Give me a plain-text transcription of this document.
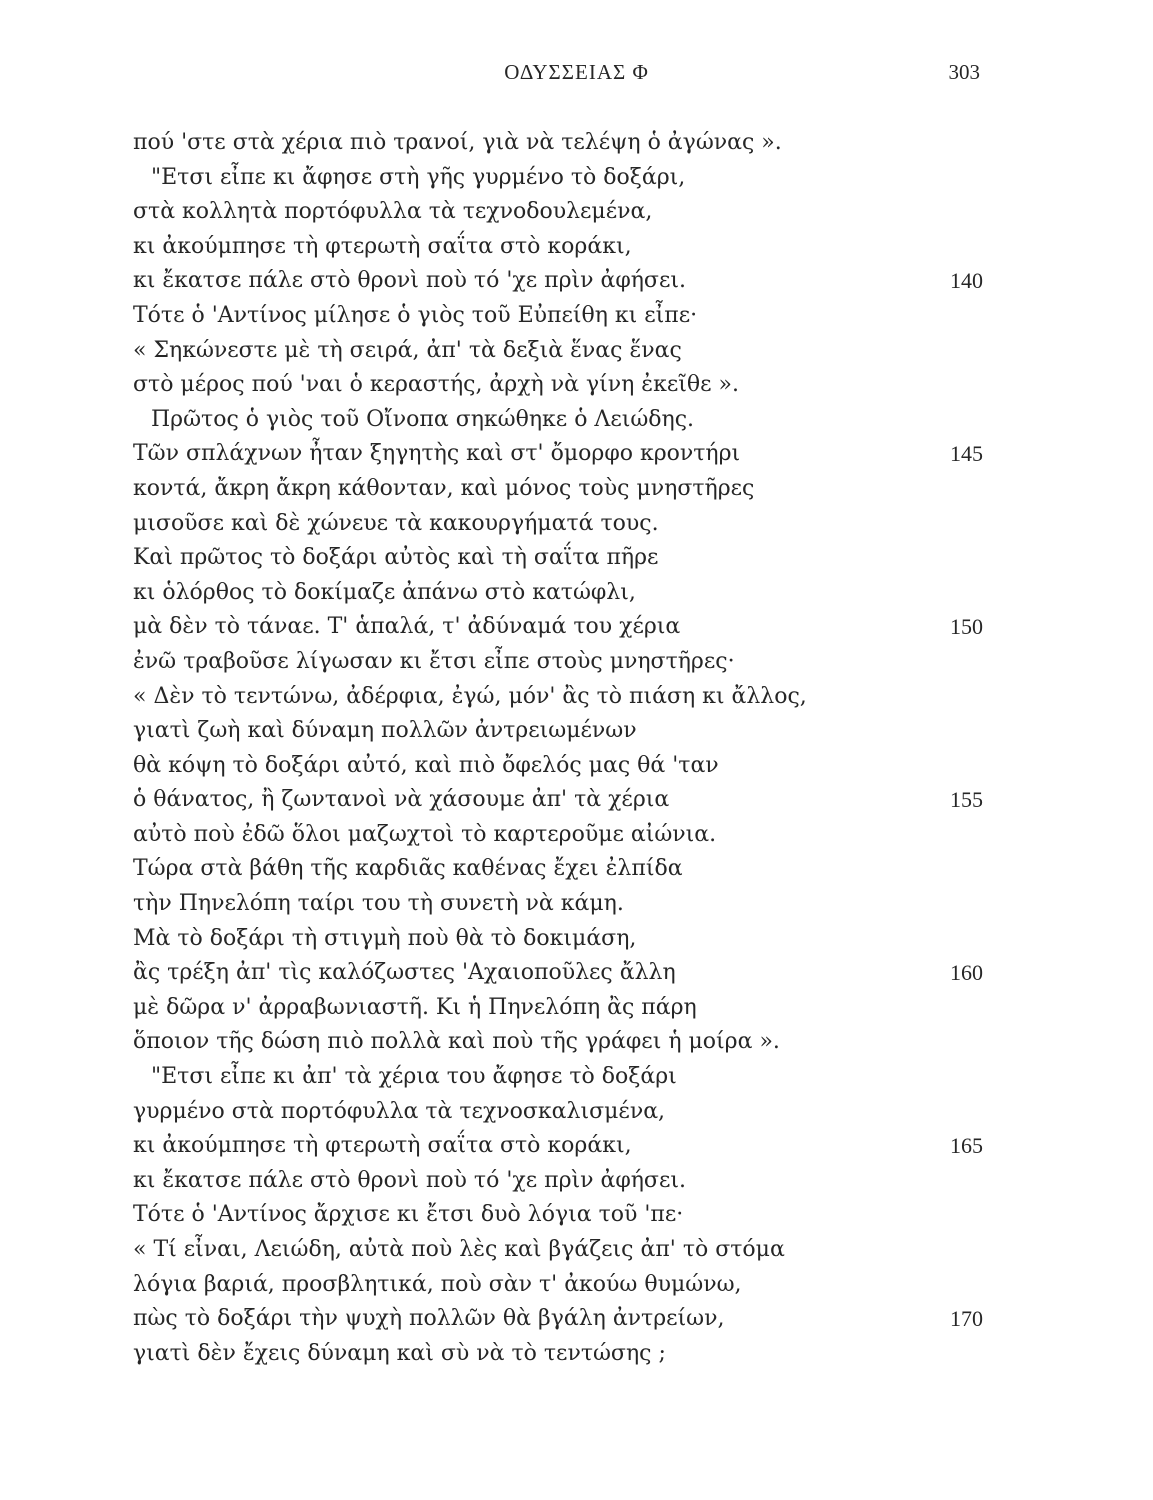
ΟΔΥΣΣΕΙΑΣ Φ	303
πού 'στε στὰ χέρια πιὸ τρανοί, γιὰ νὰ τελέψη ὁ ἀγώνας ».
"Ετσι εἶπε κι ἄφησε στὴ γῆς γυρμένο τὸ δοξάρι,
στὰ κολλητὰ πορτόφυλλα τὰ τεχνοδουλεμένα,
κι ἀκούμπησε τὴ φτερωτὴ σαΐτα στὸ κοράκι,
κι ἔκατσε πάλε στὸ θρονὶ ποὺ τό 'χε πρὶν ἀφήσει.	140
Τότε ὁ 'Αντίνος μίλησε ὁ γιὸς τοῦ Εὐπείθη κι εἶπε·
« Σηκώνεστε μὲ τὴ σειρά, ἀπ' τὰ δεξιὰ ἕνας ἕνας
στὸ μέρος πού 'ναι ὁ κεραστής, ἀρχὴ νὰ γίνη ἐκεῖθε ».
Πρῶτος ὁ γιὸς τοῦ Οἴνοπα σηκώθηκε ὁ Λειώδης.
Τῶν σπλάχνων ἦταν ξηγητὴς καὶ στ' ὄμορφο κροντήρι	145
κοντά, ἄκρη ἄκρη κάθονταν, καὶ μόνος τοὺς μνηστῆρες
μισοῦσε καὶ δὲ χώνευε τὰ κακουργήματά τους.
Καὶ πρῶτος τὸ δοξάρι αὐτὸς καὶ τὴ σαΐτα πῆρε
κι ὁλόρθος τὸ δοκίμαζε ἀπάνω στὸ κατώφλι,
μὰ δὲν τὸ τάναε. Τ' ἁπαλά, τ' ἀδύναμά του χέρια	150
ἐνῶ τραβοῦσε λίγωσαν κι ἔτσι εἶπε στοὺς μνηστῆρες·
« Δὲν τὸ τεντώνω, ἀδέρφια, ἐγώ, μόν' ἂς τὸ πιάση κι ἄλλος,
γιατὶ ζωὴ καὶ δύναμη πολλῶν ἀντρειωμένων
θὰ κόψη τὸ δοξάρι αὐτό, καὶ πιὸ ὄφελός μας θά 'ταν
ὁ θάνατος, ἢ ζωντανοὶ νὰ χάσουμε ἀπ' τὰ χέρια	155
αὐτὸ ποὺ ἐδῶ ὅλοι μαζωχτοὶ τὸ καρτεροῦμε αἰώνια.
Τώρα στὰ βάθη τῆς καρδιᾶς καθένας ἔχει ἐλπίδα
τὴν Πηνελόπη ταίρι του τὴ συνετὴ νὰ κάμη.
Μὰ τὸ δοξάρι τὴ στιγμὴ ποὺ θὰ τὸ δοκιμάση,
ἂς τρέξη ἀπ' τὶς καλόζωστες 'Αχαιοποῦλες ἄλλη	160
μὲ δῶρα ν' ἀρραβωνιαστῆ. Κι ἡ Πηνελόπη ἂς πάρη
ὅποιον τῆς δώση πιὸ πολλὰ καὶ ποὺ τῆς γράφει ἡ μοίρα ».
"Ετσι εἶπε κι ἀπ' τὰ χέρια του ἄφησε τὸ δοξάρι
γυρμένο στὰ πορτόφυλλα τὰ τεχνοσκαλισμένα,
κι ἀκούμπησε τὴ φτερωτὴ σαΐτα στὸ κοράκι,	165
κι ἔκατσε πάλε στὸ θρονὶ ποὺ τό 'χε πρὶν ἀφήσει.
Τότε ὁ 'Αντίνος ἄρχισε κι ἔτσι δυὸ λόγια τοῦ 'πε·
« Τί εἶναι, Λειώδη, αὐτὰ ποὺ λὲς καὶ βγάζεις ἀπ' τὸ στόμα
λόγια βαριά, προσβλητικά, ποὺ σὰν τ' ἀκούω θυμώνω,
πὼς τὸ δοξάρι τὴν ψυχὴ πολλῶν θὰ βγάλη ἀντρείων,	170
γιατὶ δὲν ἔχεις δύναμη καὶ σὺ νὰ τὸ τεντώσης ;
